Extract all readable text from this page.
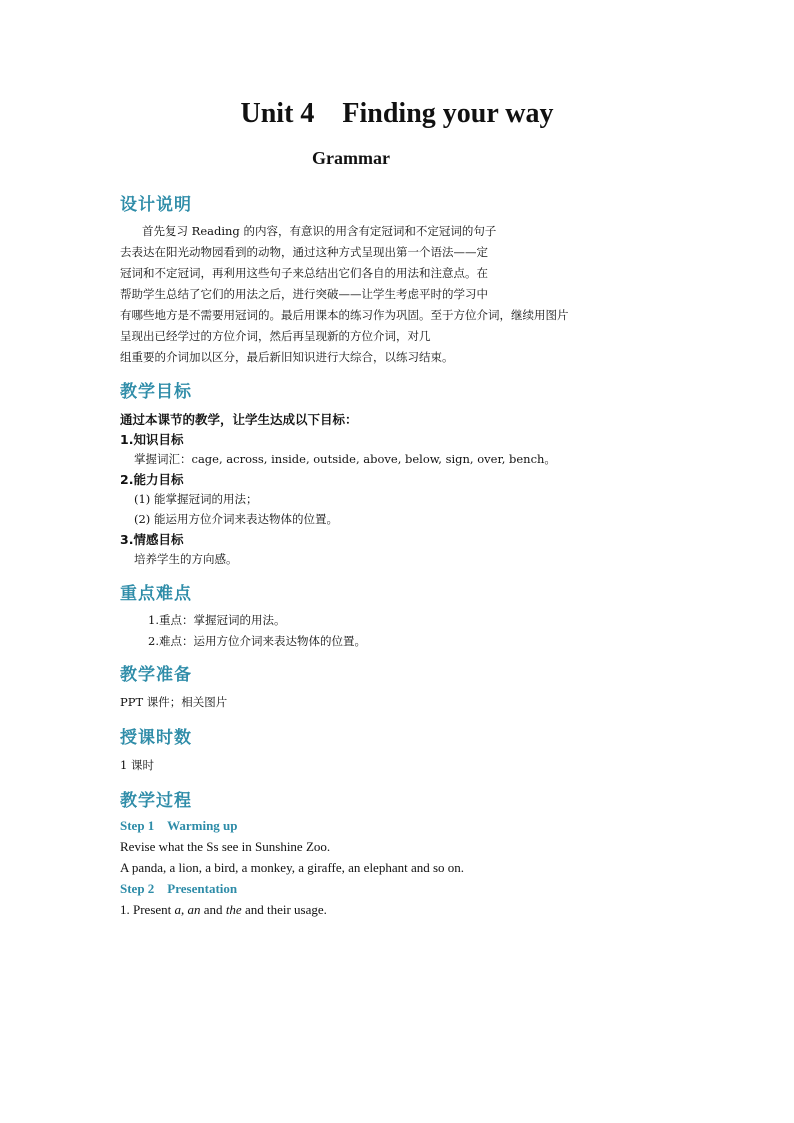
Unit 4    Finding your way
Grammar
设计说明
首先复习 Reading 的内容，有意识的用含有定冠词和不定冠词的句子
去表达在阳光动物园看到的动物，通过这种方式呈现出第一个语法——定
冠词和不定冠词，再利用这些句子来总结出它们各自的用法和注意点。在
帮助学生总结了它们的用法之后，进行突破——让学生考虑平时的学习中
有哪些地方是不需要用冠词的。最后用课本的练习作为巩固。至于方位介词，继续用图片
呈现出已经学过的方位介词，然后再呈现新的方位介词，对几
组重要的介词加以区分，最后新旧知识进行大综合，以练习结束。
教学目标
通过本课节的教学，让学生达成以下目标：
1.知识目标
掌握词汇：cage, across, inside, outside, above, below, sign, over, bench。
2.能力目标
(1) 能掌握冠词的用法；
(2) 能运用方位介词来表达物体的位置。
3.情感目标
培养学生的方向感。
重点难点
1.重点：掌握冠词的用法。
2.难点：运用方位介词来表达物体的位置。
教学准备
PPT 课件；相关图片
授课时数
1 课时
教学过程
Step 1    Warming up
Revise what the Ss see in Sunshine Zoo.
A panda, a lion, a bird, a monkey, a giraffe, an elephant and so on.
Step 2    Presentation
1. Present a, an and the and their usage.
